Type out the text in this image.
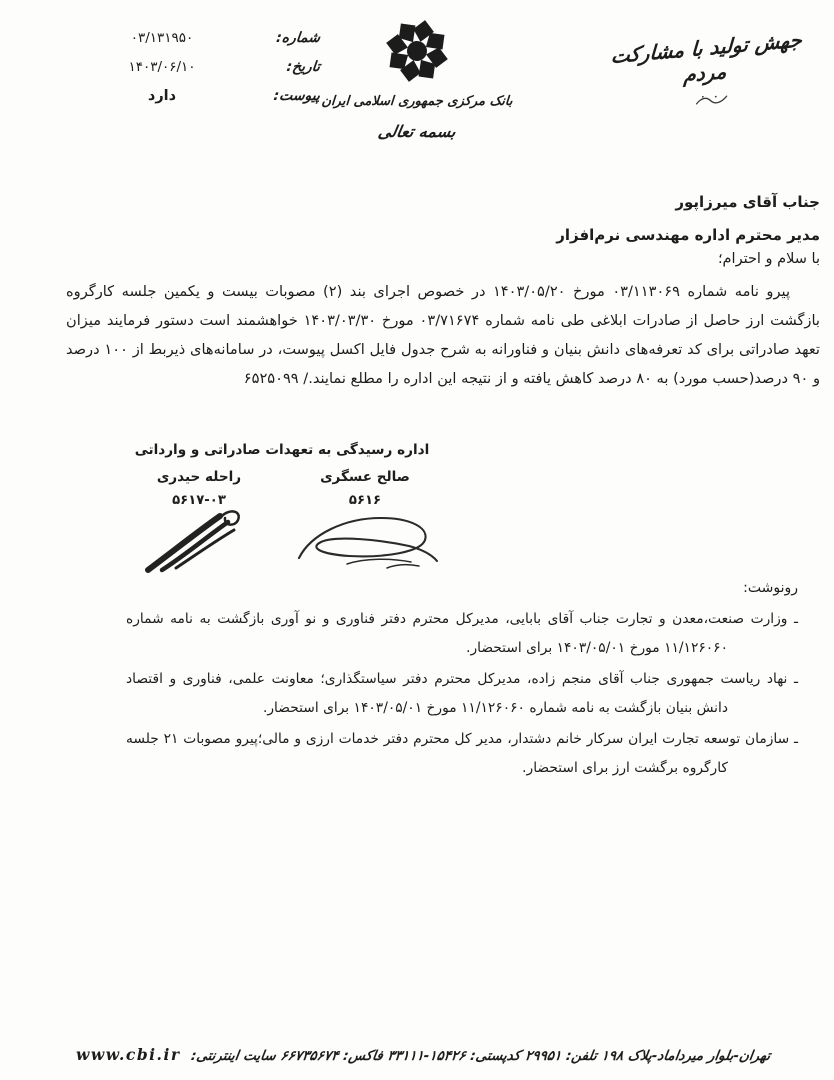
شماره:
۰۳/۱۳۱۹۵۰
تاریخ:
۱۴۰۳/۰۶/۱۰
پیوست:
دارد	بانک مرکزی جمهوری اسلامی ایران
بسمه تعالی
جهش تولید با مشارکت مردم
جناب آقای میرزاپور
مدیر محترم اداره مهندسی نرم‌افزار
با سلام و احترام؛
پیرو نامه شماره ۰۳/۱۱۳۰۶۹ مورخ ۱۴۰۳/۰۵/۲۰ در خصوص اجرای بند (۲) مصوبات بیست و یکمین جلسه کارگروه بازگشت ارز حاصل از صادرات ابلاغی طی نامه شماره ۰۳/۷۱۶۷۴ مورخ ۱۴۰۳/۰۳/۳۰ خواهشمند است دستور فرمایند میزان تعهد صادراتی برای کد تعرفه‌های دانش بنیان و فناورانه به شرح جدول فایل اکسل پیوست، در سامانه‌های ذیربط از ۱۰۰ درصد و ۹۰ درصد(حسب مورد) به ۸۰ درصد کاهش یافته و از نتیجه این اداره را مطلع نمایند./ ۶۵۲۵۰۹۹
اداره رسیدگی به تعهدات صادراتی و وارداتی
صالح عسگری
۵۶۱۶
راحله حیدری
۵۶۱۷-۰۳
رونوشت:
ـ وزارت صنعت،معدن و تجارت جناب آقای بابایی، مدیرکل محترم دفتر فناوری و نو آوری بازگشت به نامه شماره ۱۱/۱۲۶۰۶۰ مورخ ۱۴۰۳/۰۵/۰۱ برای استحضار.
ـ نهاد ریاست جمهوری جناب آقای منجم زاده، مدیرکل محترم دفتر سیاستگذاری؛ معاونت علمی، فناوری و اقتصاد دانش بنیان بازگشت به نامه شماره ۱۱/۱۲۶۰۶۰ مورخ ۱۴۰۳/۰۵/۰۱ برای استحضار.
ـ سازمان توسعه تجارت ایران سرکار خانم دشتدار، مدیر کل محترم دفتر خدمات ارزی و مالی؛پیرو مصوبات ۲۱ جلسه کارگروه برگشت ارز برای استحضار.
تهران-بلوار میرداماد-پلاک ۱۹۸ تلفن: ۲۹۹۵۱ کدپستی: ۱۵۴۲۶-۳۳۱۱۱ فاکس: ۶۶۷۳۵۶۷۴ سایت اینترنتی: www.cbi.ir
